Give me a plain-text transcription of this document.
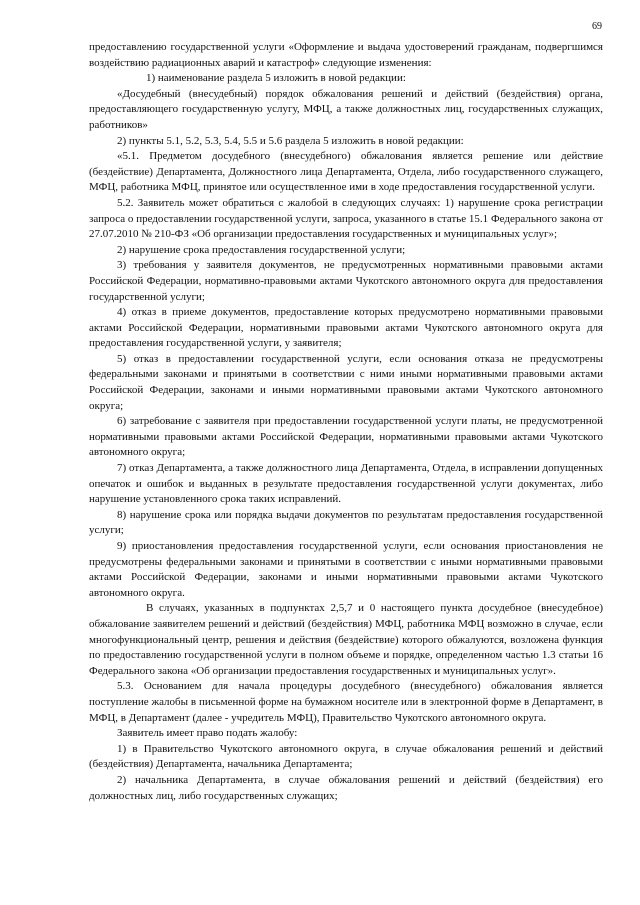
69

предоставлению государственной услуги «Оформление и выдача удостоверений гражданам, подвергшимся воздействию радиационных аварий и катастроф» следующие изменения:

1) наименование раздела 5 изложить в новой редакции:

«Досудебный (внесудебный) порядок обжалования решений и действий (бездействия) органа, предоставляющего государственную услугу, МФЦ, а также должностных лиц, государственных служащих, работников»

2) пункты 5.1, 5.2, 5.3, 5.4, 5.5 и 5.6 раздела 5 изложить в новой редакции:

«5.1. Предметом досудебного (внесудебного) обжалования является решение или действие (бездействие) Департамента, Должностного лица Департамента, Отдела, либо государственного служащего, МФЦ, работника МФЦ, принятое или осуществленное ими в ходе предоставления государственной услуги.

5.2. Заявитель может обратиться с жалобой в следующих случаях: 1) нарушение срока регистрации запроса о предоставлении государственной услуги, запроса, указанного в статье 15.1 Федерального закона от 27.07.2010 № 210-ФЗ «Об организации предоставления государственных и муниципальных услуг»;

2) нарушение срока предоставления государственной услуги;

3) требования у заявителя документов, не предусмотренных нормативными правовыми актами Российской Федерации, нормативно-правовыми актами Чукотского автономного округа для предоставления государственной услуги;

4) отказ в приеме документов, предоставление которых предусмотрено нормативными правовыми актами Российской Федерации, нормативными правовыми актами Чукотского автономного округа для предоставления государственной услуги, у заявителя;

5) отказ в предоставлении государственной услуги, если основания отказа не предусмотрены федеральными законами и принятыми в соответствии с ними иными нормативными правовыми актами Российской Федерации, законами и иными нормативными правовыми актами Чукотского автономного округа;

6) затребование с заявителя при предоставлении государственной услуги платы, не предусмотренной нормативными правовыми актами Российской Федерации, нормативными правовыми актами Чукотского автономного округа;

7) отказ Департамента, а также должностного лица Департамента, Отдела, в исправлении допущенных опечаток и ошибок и выданных в результате предоставления государственной услуги документах, либо нарушение установленного срока таких исправлений.

8) нарушение срока или порядка выдачи документов по результатам предоставления государственной услуги;

9) приостановления предоставления государственной услуги, если основания приостановления не предусмотрены федеральными законами и принятыми в соответствии с иными нормативными правовыми актами Российской Федерации, законами и иными нормативными правовыми актами Чукотского автономного округа.

В случаях, указанных в подпунктах 2,5,7 и 0 настоящего пункта досудебное (внесудебное) обжалование заявителем решений и действий (бездействия) МФЦ, работника МФЦ возможно в случае, если многофункциональный центр, решения и действия (бездействие) которого обжалуются, возложена функция по предоставлению государственной услуги в полном объеме и порядке, определенном частью 1.3 статьи 16 Федерального закона «Об организации предоставления государственных и муниципальных услуг».

5.3. Основанием для начала процедуры досудебного (внесудебного) обжалования является поступление жалобы в письменной форме на бумажном носителе или в электронной форме в Департамент, в МФЦ, в Департамент (далее - учредитель МФЦ), Правительство Чукотского автономного округа.

Заявитель имеет право подать жалобу:

1) в Правительство Чукотского автономного округа, в случае обжалования решений и действий (бездействия) Департамента, начальника Департамента;

2) начальника Департамента, в случае обжалования решений и действий (бездействия) его должностных лиц, либо государственных служащих;
